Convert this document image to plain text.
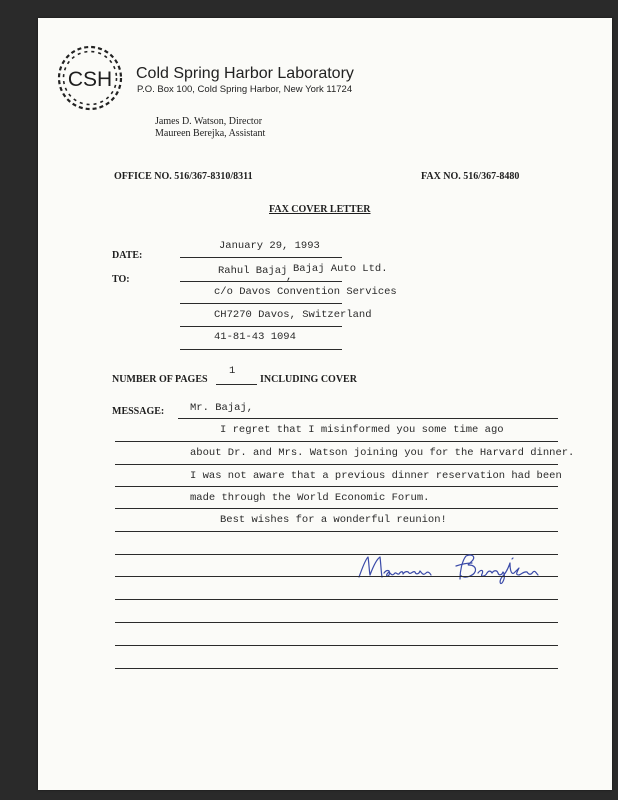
CSH Cold Spring Harbor Laboratory
P.O. Box 100, Cold Spring Harbor, New York 11724
James D. Watson, Director
Maureen Berejka, Assistant
OFFICE NO. 516/367-8310/8311	FAX NO. 516/367-8480
FAX COVER LETTER
DATE:
January 29, 1993
TO:
Rahul Bajaj
,
Bajaj Auto Ltd.
c/o Davos Convention Services
CH7270 Davos, Switzerland
41-81-43 1094
NUMBER OF PAGES
1
INCLUDING COVER
MESSAGE: Mr. Bajaj,
I regret that I misinformed you some time ago
about Dr. and Mrs. Watson joining you for the Harvard dinner.
I was not aware that a previous dinner reservation had been
made through the World Economic Forum.
Best wishes for a wonderful reunion!
